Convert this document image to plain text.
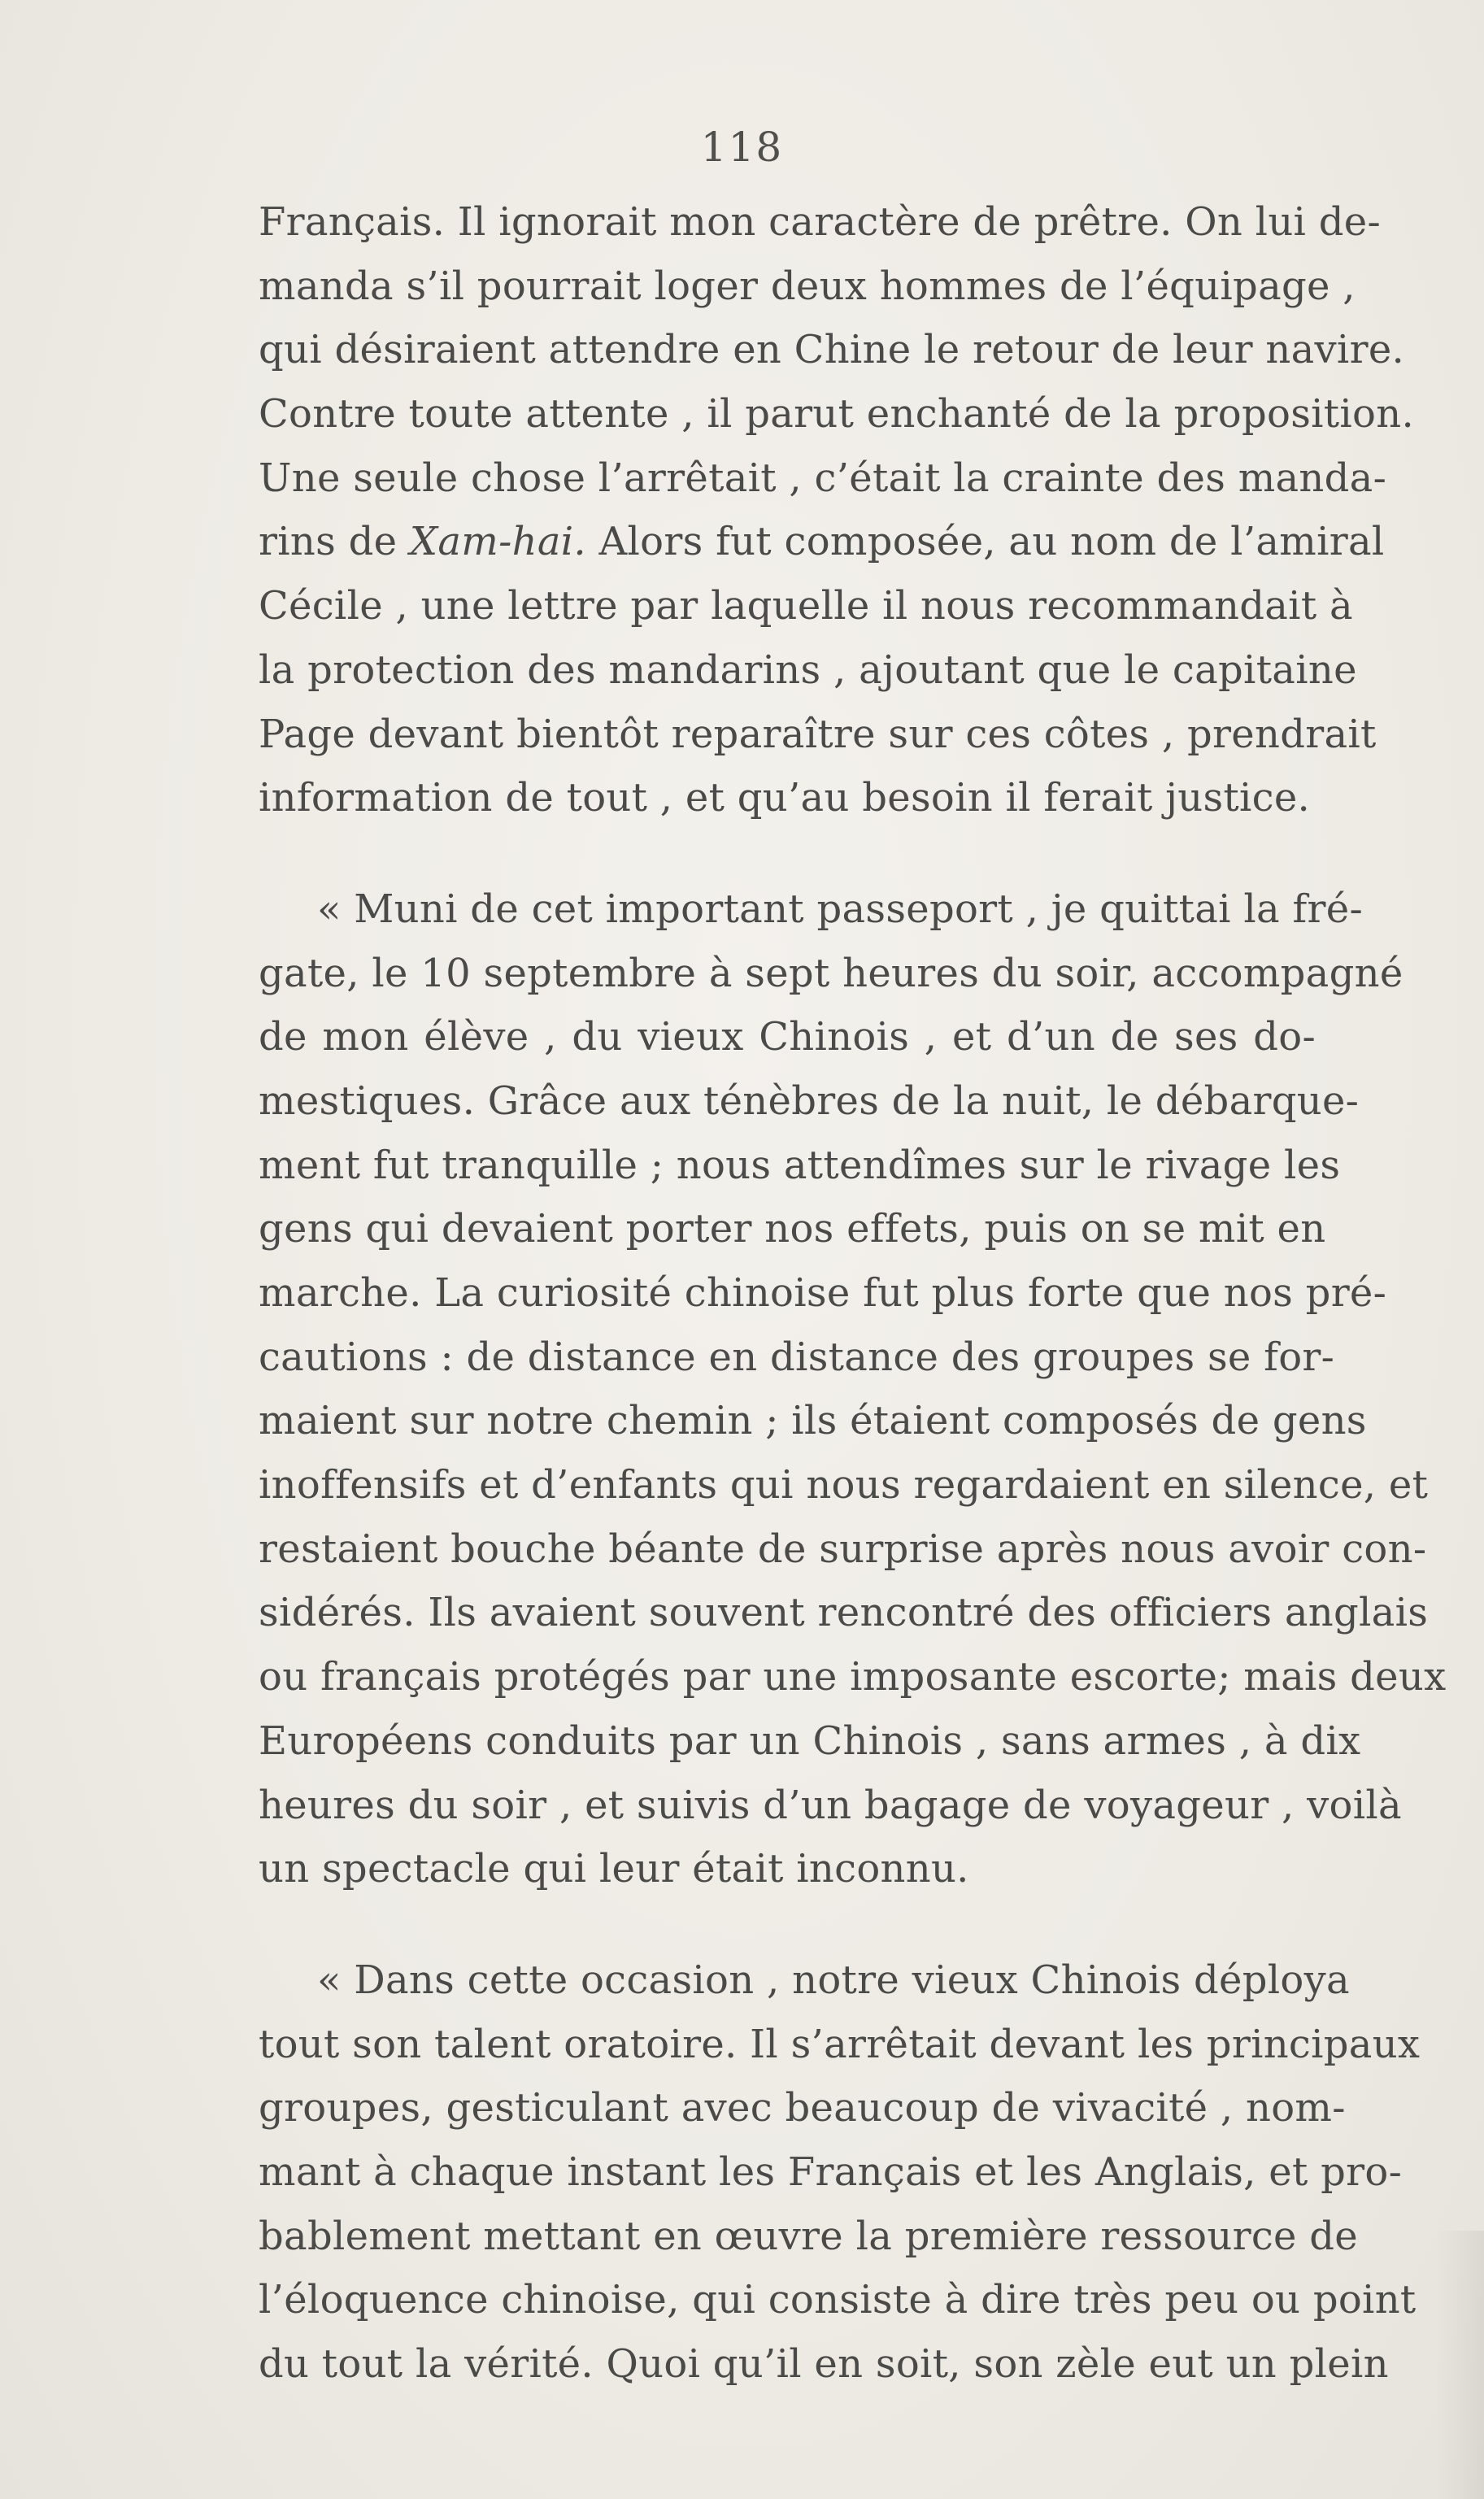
118
Français. Il ignorait mon caractère de prêtre. On lui de-
manda s’il pourrait loger deux hommes de l’équipage ,
qui désiraient attendre en Chine le retour de leur navire.
Contre toute attente , il parut enchanté de la proposition.
Une seule chose l’arrêtait , c’était la crainte des manda-
rins de Xam-hai. Alors fut composée, au nom de l’amiral
Cécile , une lettre par laquelle il nous recommandait à
la protection des mandarins , ajoutant que le capitaine
Page devant bientôt reparaître sur ces côtes , prendrait
information de tout , et qu’au besoin il ferait justice.
« Muni de cet important passeport , je quittai la fré-
gate, le 10 septembre à sept heures du soir, accompagné
de mon élève , du vieux Chinois , et d’un de ses do-
mestiques. Grâce aux ténèbres de la nuit, le débarque-
ment fut tranquille ; nous attendîmes sur le rivage les
gens qui devaient porter nos effets, puis on se mit en
marche. La curiosité chinoise fut plus forte que nos pré-
cautions : de distance en distance des groupes se for-
maient sur notre chemin ; ils étaient composés de gens
inoffensifs et d’enfants qui nous regardaient en silence, et
restaient bouche béante de surprise après nous avoir con-
sidérés. Ils avaient souvent rencontré des officiers anglais
ou français protégés par une imposante escorte; mais deux
Européens conduits par un Chinois , sans armes , à dix
heures du soir , et suivis d’un bagage de voyageur , voilà
un spectacle qui leur était inconnu.
« Dans cette occasion , notre vieux Chinois déploya
tout son talent oratoire. Il s’arrêtait devant les principaux
groupes, gesticulant avec beaucoup de vivacité , nom-
mant à chaque instant les Français et les Anglais, et pro-
bablement mettant en œuvre la première ressource de
l’éloquence chinoise, qui consiste à dire très peu ou point
du tout la vérité. Quoi qu’il en soit, son zèle eut un plein
